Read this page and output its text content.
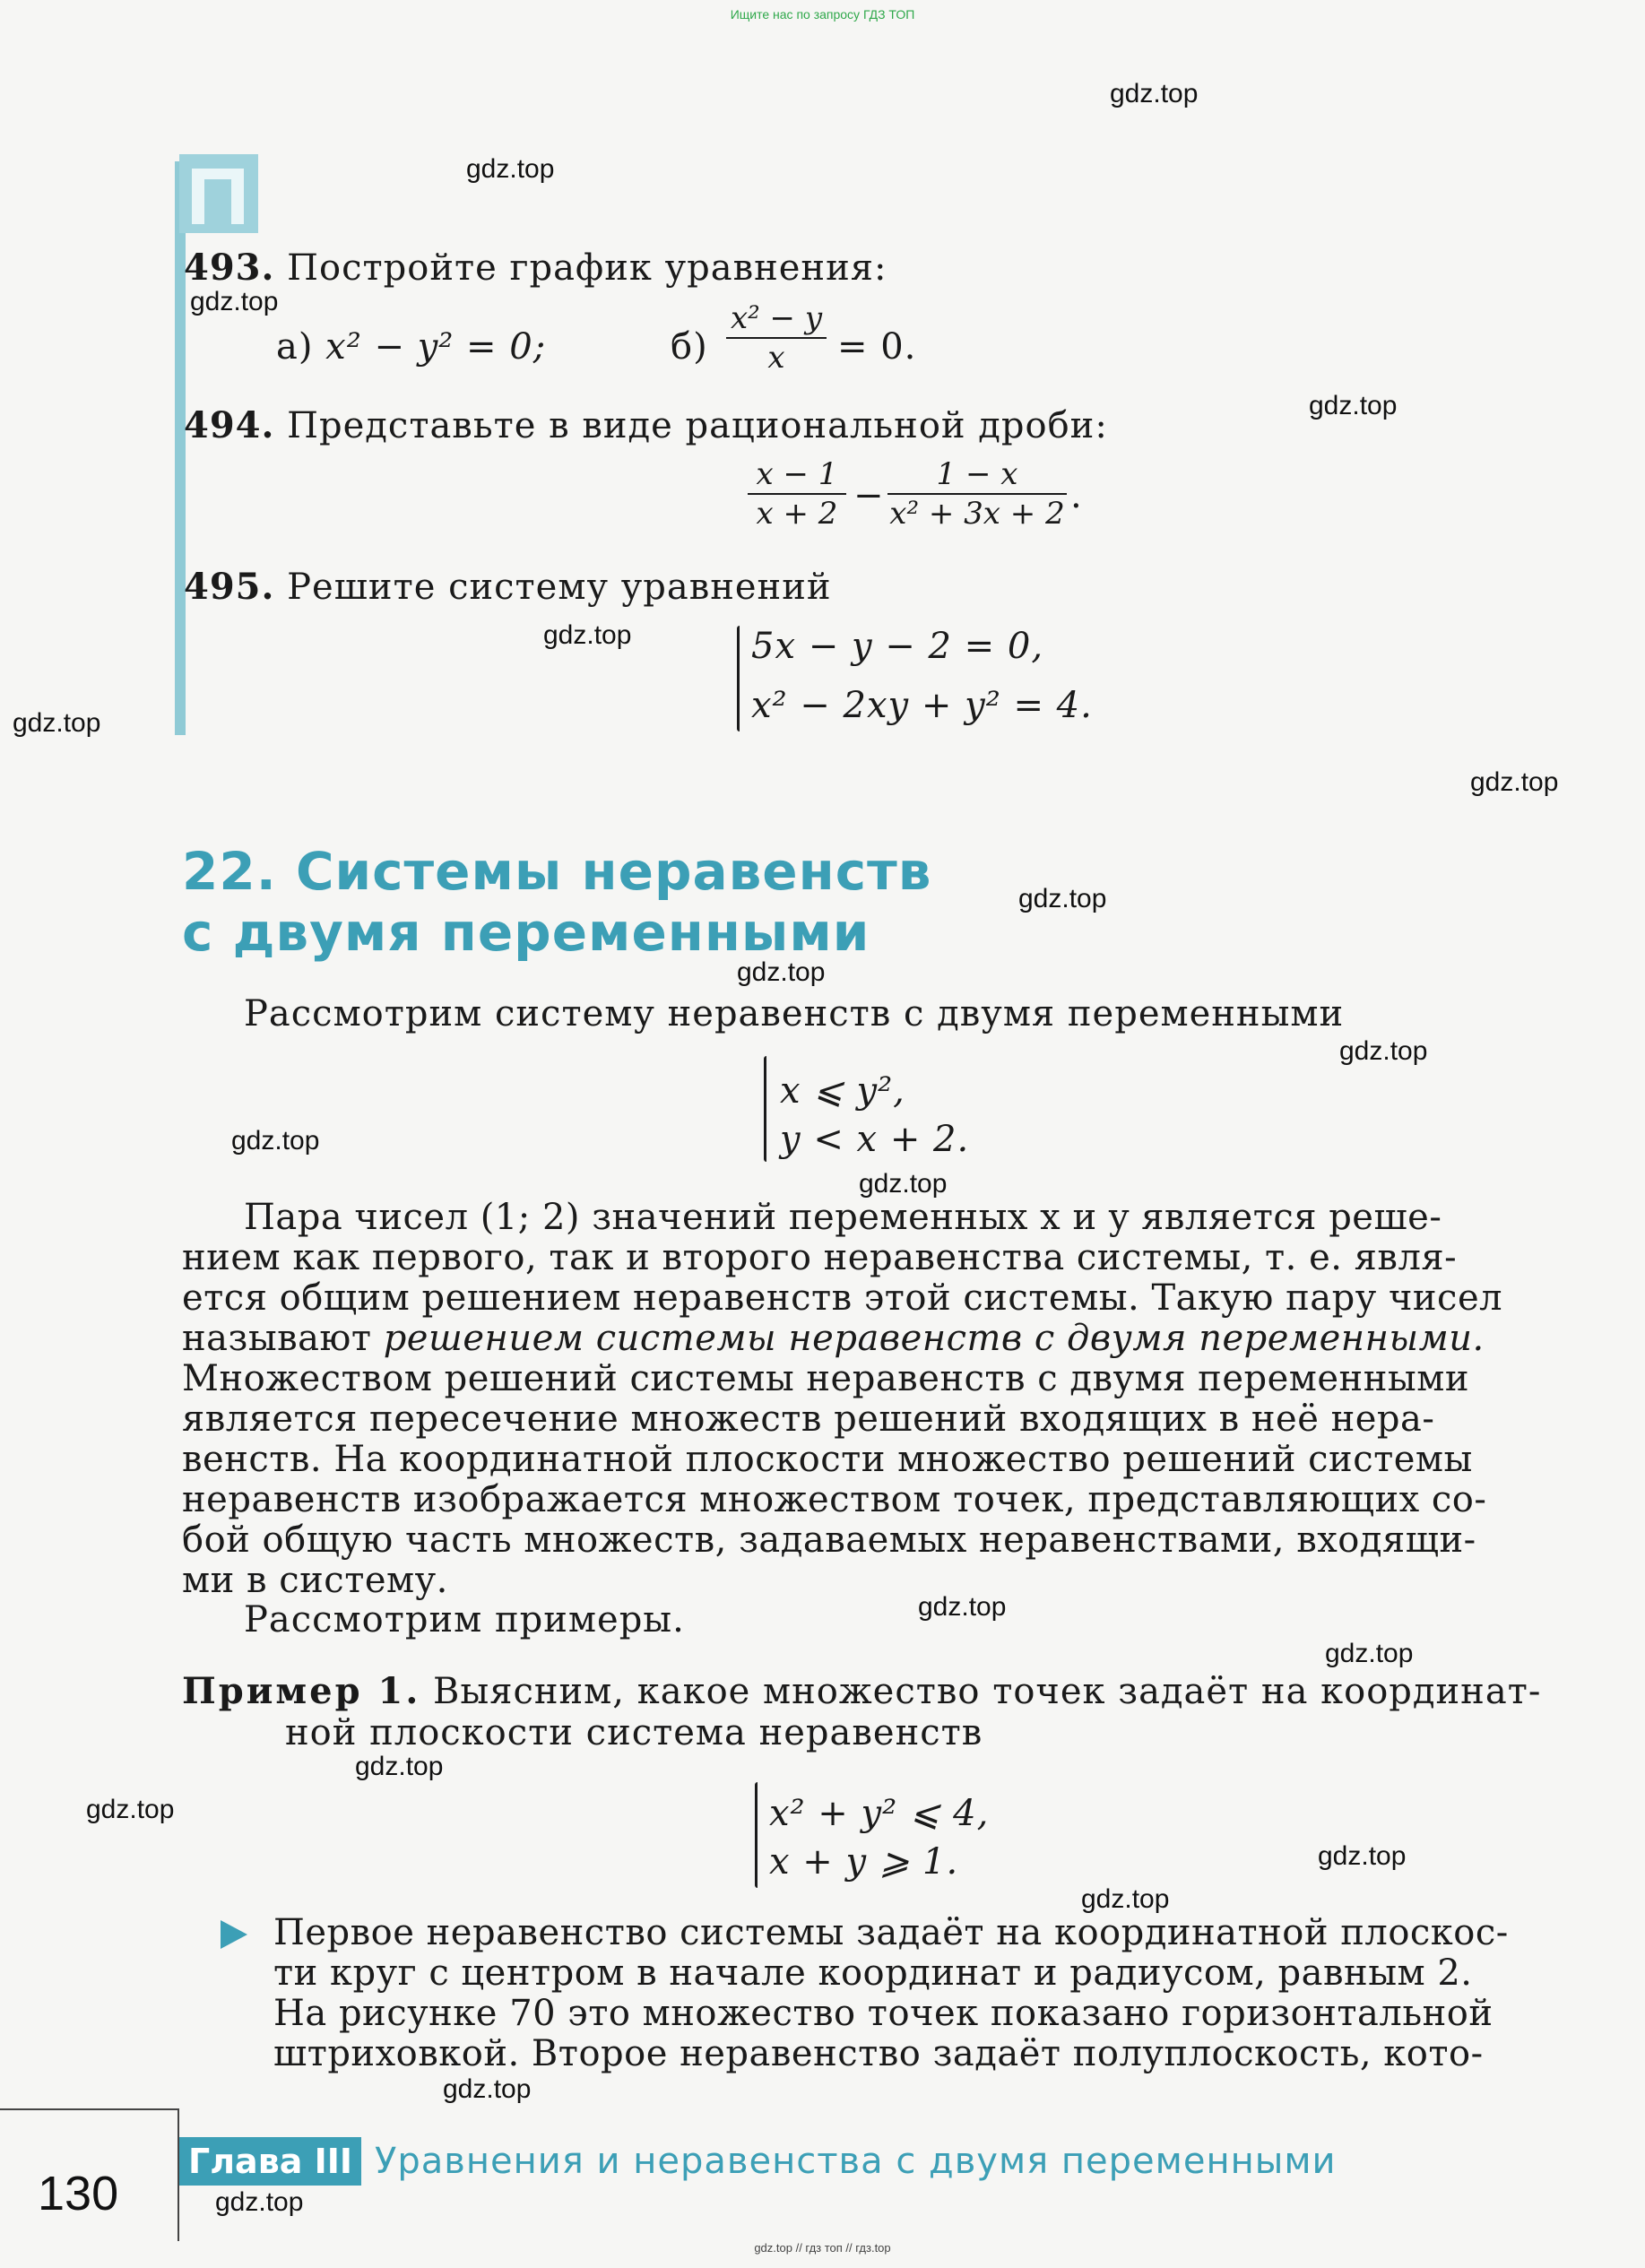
Ищите нас по запросу ГДЗ ТОП
493. Постройте график уравнения:
а) x² − y² = 0;	б)
x² − y
x	= 0.
494. Представьте в виде рациональной дроби:
x − 1
x + 2 −
1 − x
x² + 3x + 2 .
495. Решите систему уравнений
5x − y − 2 = 0,
x² − 2xy + y² = 4.
22. Системы неравенств
с двумя переменными
Рассмотрим систему неравенств с двумя переменными
x ⩽ y²,
y < x + 2.
Пара чисел (1; 2) значений переменных x и y является реше-
нием как первого, так и второго неравенства системы, т. е. явля-
ется общим решением неравенств этой системы. Такую пару чисел
называют решением системы неравенств с двумя переменными.
Множеством решений системы неравенств с двумя переменными
является пересечение множеств решений входящих в неё нера-
венств. На координатной плоскости множество решений системы
неравенств изображается множеством точек, представляющих со-
бой общую часть множеств, задаваемых неравенствами, входящи-
ми в систему.
Рассмотрим примеры.
Пример 1. Выясним, какое множество точек задаёт на координат-
ной плоскости система неравенств
x² + y² ⩽ 4,
x + y ⩾ 1.
Первое неравенство системы задаёт на координатной плоскос-
ти круг с центром в начале координат и радиусом, равным 2.
На рисунке 70 это множество точек показано горизонтальной
штриховкой. Второе неравенство задаёт полуплоскость, кото-
130
Глава III Уравнения и неравенства с двумя переменными
gdz.top
gdz.top
gdz.top
gdz.top
gdz.top
gdz.top
gdz.top
gdz.top
gdz.top
gdz.top
gdz.top
gdz.top
gdz.top
gdz.top
gdz.top
gdz.top
gdz.top
gdz.top
gdz.top
gdz.top
gdz.top // гдз топ // гдз.top
